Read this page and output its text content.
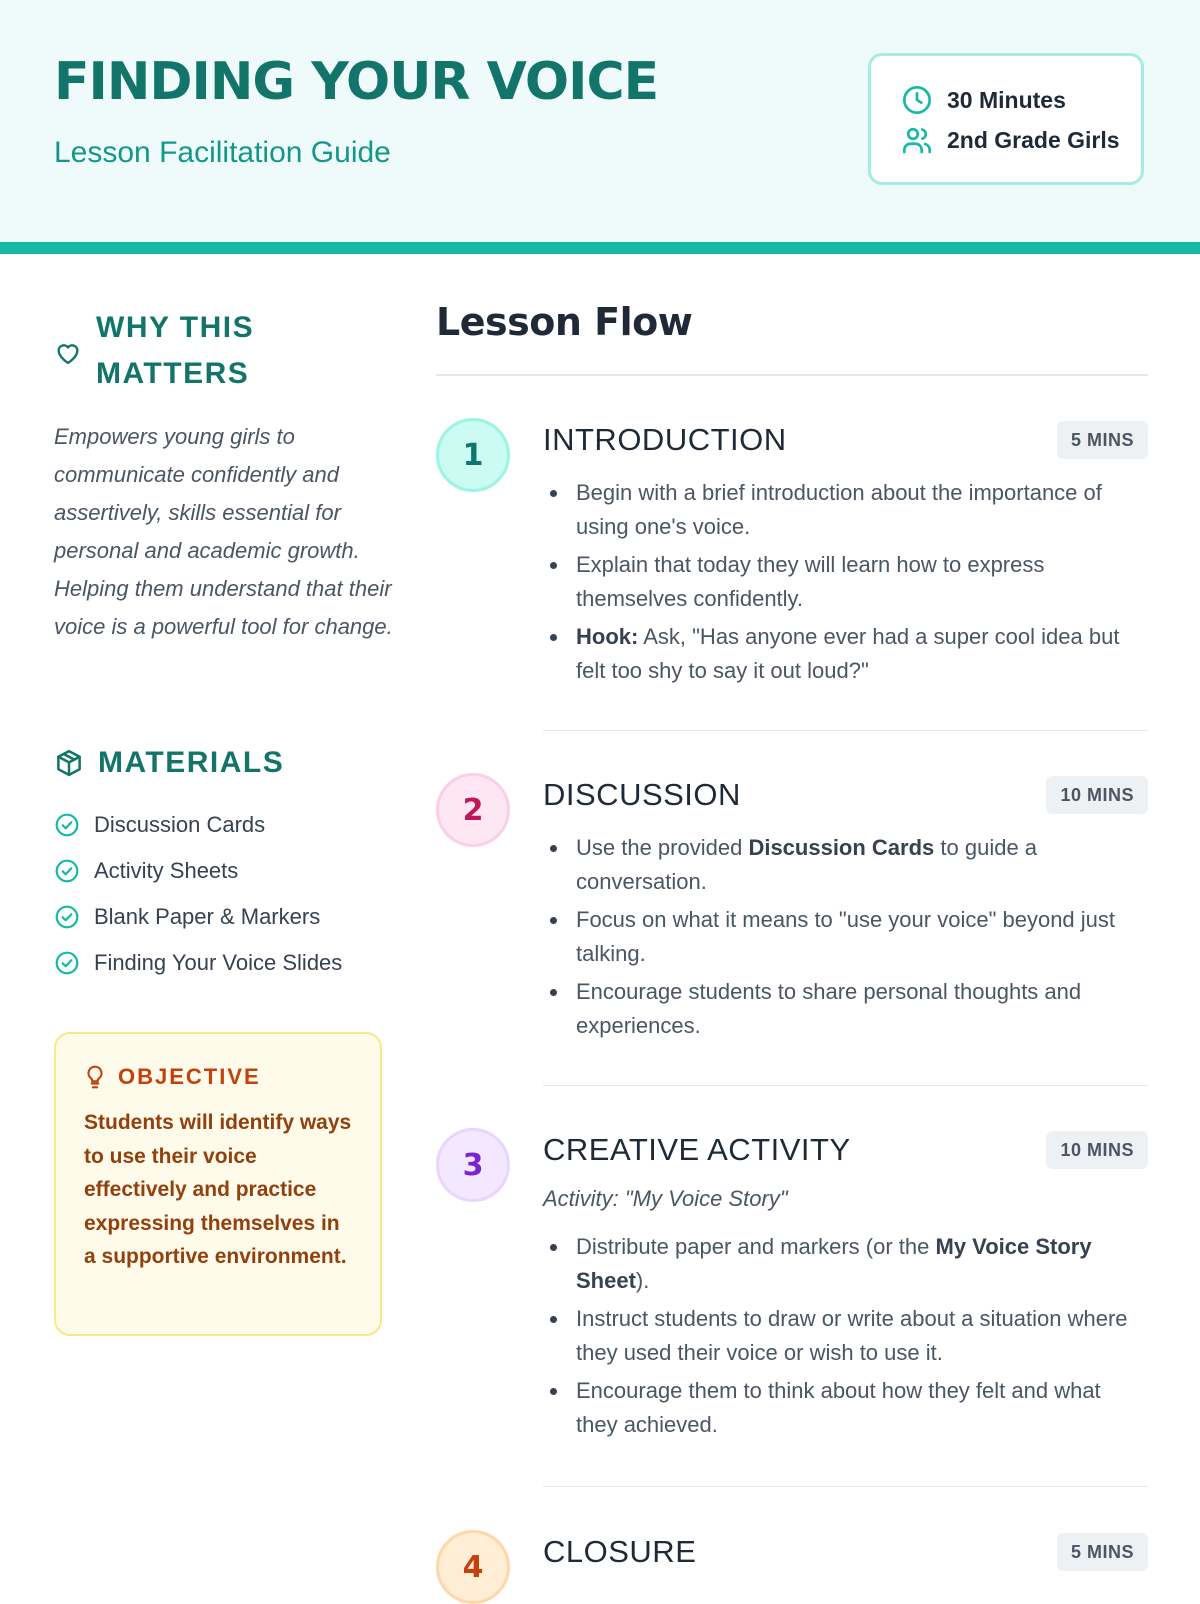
FINDING YOUR VOICE
Lesson Facilitation Guide
30 Minutes
2nd Grade Girls
WHY THIS
MATTERS
Empowers young girls to communicate confidently and assertively, skills essential for personal and academic growth. Helping them understand that their voice is a powerful tool for change.
MATERIALS
Discussion Cards
Activity Sheets
Blank Paper & Markers
Finding Your Voice Slides
OBJECTIVE
Students will identify ways to use their voice effectively and practice expressing themselves in a supportive environment.
Lesson Flow
1	INTRODUCTION	5 MINS
Begin with a brief introduction about the importance of using one's voice.
Explain that today they will learn how to express themselves confidently.
Hook: Ask, "Has anyone ever had a super cool idea but felt too shy to say it out loud?"
2	DISCUSSION	10 MINS
Use the provided Discussion Cards to guide a conversation.
Focus on what it means to "use your voice" beyond just talking.
Encourage students to share personal thoughts and experiences.
3	CREATIVE ACTIVITY	10 MINS
Activity: "My Voice Story"
Distribute paper and markers (or the My Voice Story Sheet).
Instruct students to draw or write about a situation where they used their voice or wish to use it.
Encourage them to think about how they felt and what they achieved.
4	CLOSURE	5 MINS
